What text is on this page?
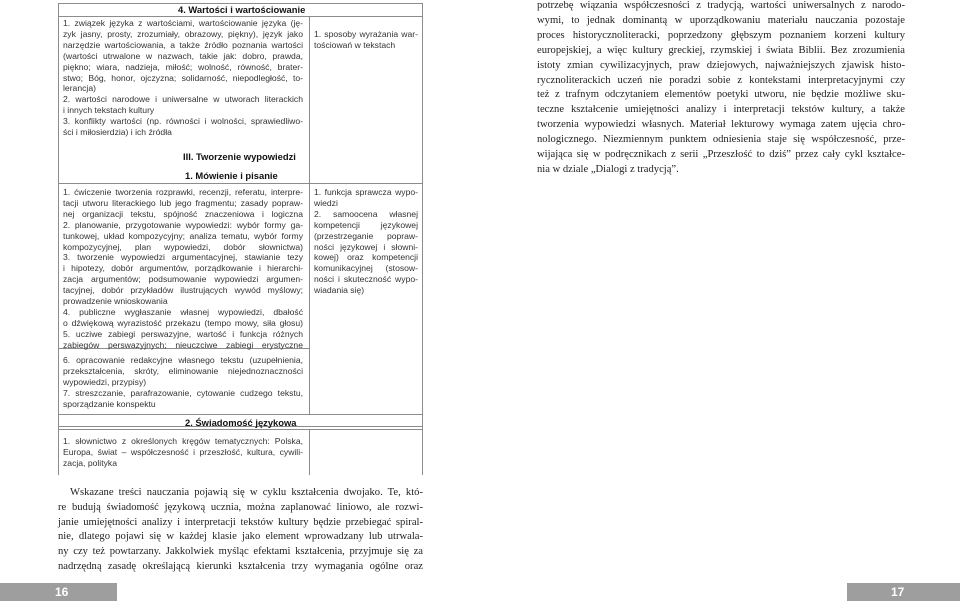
4. Wartości i wartościowanie

1. związek języka z wartościami, wartościowanie języka (ję-

zyk jasny, prosty, zrozumiały, obrazowy, piękny), język jako

narzędzie wartościowania, a także źródło poznania wartości

(wartości utrwalone w nazwach, takie jak: dobro, prawda,

piękno; wiara, nadzieja, miłość; wolność, równość, brater-

stwo; Bóg, honor, ojczyzna; solidarność, niepodległość, to-

lerancja)

2. wartości narodowe i uniwersalne w utworach literackich

i innych tekstach kultury

3. konflikty wartości (np. równości i wolności, sprawiedliwo-

ści i miłosierdzia) i ich źródła

1. sposoby wyrażania war-

tościowań w tekstach

III. Tworzenie wypowiedzi
1. Mówienie i pisanie

1. ćwiczenie tworzenia rozprawki, recenzji, referatu, interpre-

tacji utworu literackiego lub jego fragmentu; zasady popraw-

nej organizacji tekstu, spójność znaczeniowa i logiczna

2. planowanie, przygotowanie wypowiedzi: wybór formy ga-

tunkowej, układ kompozycyjny; analiza tematu, wybór formy

kompozycyjnej, plan wypowiedzi, dobór słownictwa)

3. tworzenie wypowiedzi argumentacyjnej, stawianie tezy

i hipotezy, dobór argumentów, porządkowanie i hierarchi-

zacja argumentów; podsumowanie wypowiedzi argumen-

tacyjnej, dobór przykładów ilustrujących wywód myślowy;

prowadzenie wnioskowania

4. publiczne wygłaszanie własnej wypowiedzi, dbałość

o dźwiękową wyrazistość przekazu (tempo mowy, siła głosu)

5. ucziwe zabiegi perswazyjne, wartość i funkcja różnych

zabiegów perswazyjnych; nieuczciwe zabiegi erystyczne

6. opracowanie redakcyjne własnego tekstu (uzupełnienia,

przekształcenia, skróty, eliminowanie niejednoznaczności

wypowiedzi, przypisy)

7. streszczanie, parafrazowanie, cytowanie cudzego tekstu,

sporządzanie konspektu

1. funkcja sprawcza wypo-

wiedzi

2. samoocena własnej

kompetencji językowej

(przestrzeganie popraw-

ności językowej i słowni-

kowej) oraz kompetencji

komunikacyjnej (stosow-

ności i skuteczność wypo-

wiadania się)

2. Świadomość językowa

1. słownictwo z określonych kręgów tematycznych: Polska,

Europa, świat – współczesność i przeszłość, kultura, cywili-

zacja, polityka

Wskazane treści nauczania pojawią się w cyklu kształcenia dwojako. Te, któ-

re budują świadomość językową ucznia, można zaplanować liniowo, ale rozwi-

janie umiejętności analizy i interpretacji tekstów kultury będzie przebiegać spiral-

nie, dlatego pojawi się w każdej klasie jako element wprowadzany lub utrwala-

ny czy też powtarzany. Jakkolwiek myśląc efektami kształcenia, przyjmuje się za

nadrzędną zasadę określającą kierunki kształcenia trzy wymagania ogólne oraz

16

potrzebę wiązania współczesności z tradycją, wartości uniwersalnych z narodo-

wymi, to jednak dominantą w uporządkowaniu materiału nauczania pozostaje

proces historycznoliteracki, poprzedzony głębszym poznaniem korzeni kultury

europejskiej, a więc kultury greckiej, rzymskiej i świata Biblii. Bez zrozumienia

istoty zmian cywilizacyjnych, praw dziejowych, najważniejszych zjawisk histo-

rycznoliterackich uczeń nie poradzi sobie z kontekstami interpretacyjnymi czy

też z trafnym odczytaniem elementów poetyki utworu, nie będzie możliwe sku-

teczne kształcenie umiejętności analizy i interpretacji tekstów kultury, a także

tworzenia wypowiedzi własnych. Materiał lekturowy wymaga zatem ujęcia chro-

nologicznego. Niezmiennym punktem odniesienia staje się współczesność, prze-

wijająca się w podręcznikach z serii „Przeszłość to dziś” przez cały cykl kształce-

nia w dziale „Dialogi z tradycją”.

17
